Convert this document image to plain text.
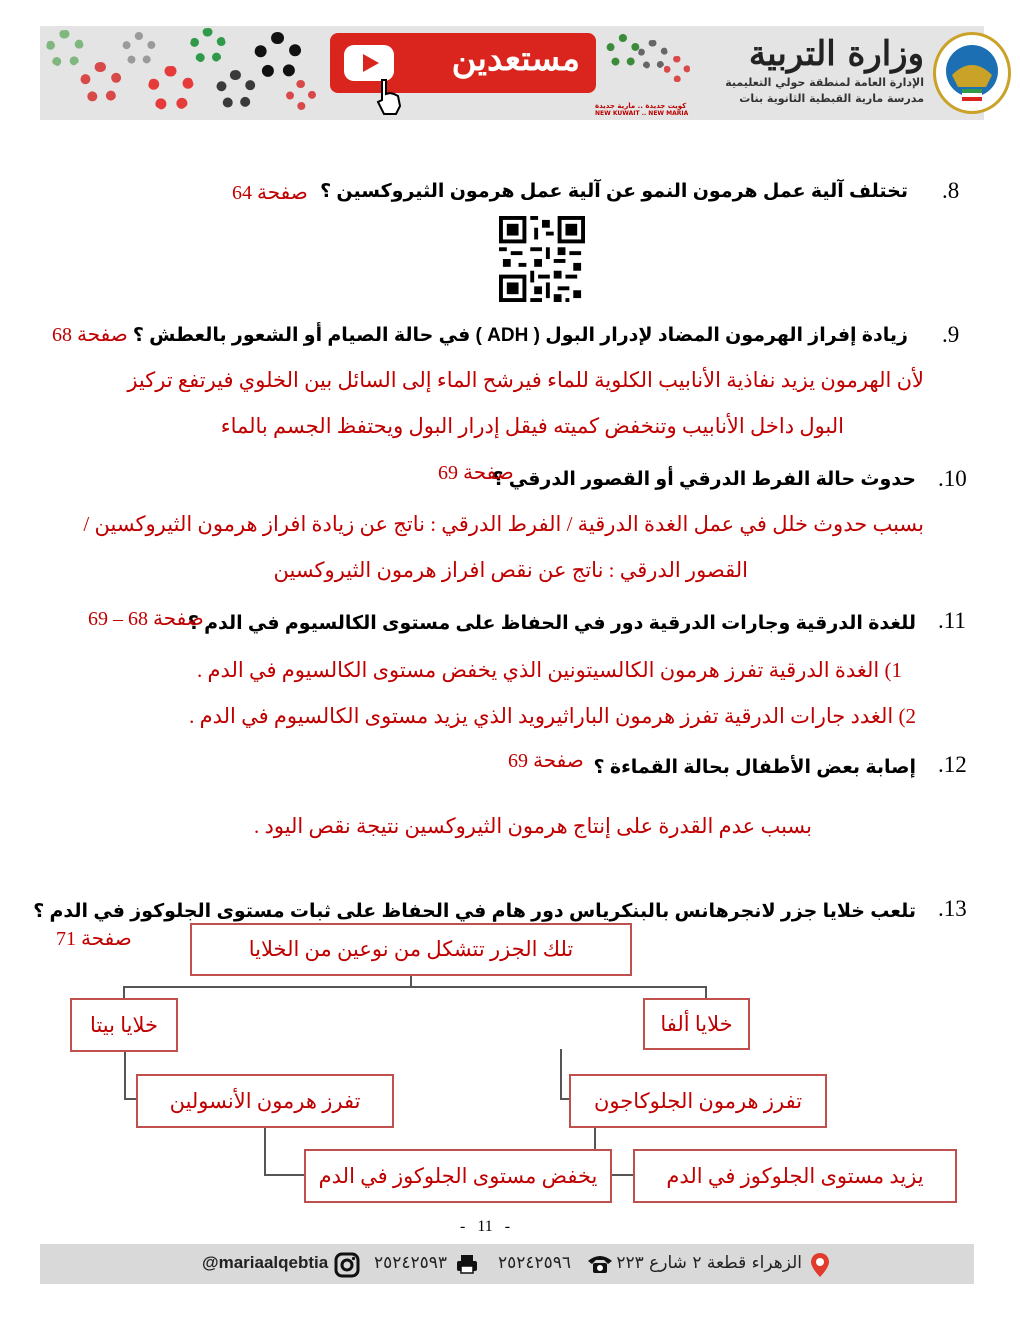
مستعدين
كويت جديدة .. مارية جديدة
NEW KUWAIT .. NEW MARIA
وزارة التربية
الإدارة العامة لمنطقة حولي التعليمية
مدرسة مارية القبطية الثانوية بنات
.8
تختلف آلية عمل هرمون النمو عن آلية عمل هرمون الثيروكسين ؟
صفحة 64
.9
زيادة إفراز الهرمون المضاد لإدرار البول ( ADH ) في حالة الصيام أو الشعور بالعطش ؟
صفحة 68
لأن الهرمون يزيد نفاذية الأنابيب الكلوية للماء فيرشح الماء إلى السائل بين الخلوي فيرتفع تركيز
البول داخل الأنابيب وتنخفض كميته فيقل إدرار البول ويحتفظ الجسم بالماء
.10
حدوث حالة الفرط الدرقي أو القصور الدرقي ؟
صفحة 69
بسبب حدوث خلل في عمل الغدة الدرقية / الفرط الدرقي : ناتج عن زيادة افراز هرمون الثيروكسين /
القصور الدرقي : ناتج عن نقص افراز هرمون الثيروكسين
.11
للغدة الدرقية وجارات الدرقية دور في الحفاظ على مستوى الكالسيوم في الدم ؟
صفحة 68 – 69
1) الغدة الدرقية تفرز هرمون الكالسيتونين الذي يخفض مستوى الكالسيوم في الدم .
2) الغدد جارات الدرقية تفرز هرمون الباراثيرويد الذي يزيد مستوى الكالسيوم في الدم .
.12
إصابة بعض الأطفال بحالة القماءة ؟
صفحة 69
بسبب عدم القدرة على إنتاج هرمون الثيروكسين نتيجة نقص اليود .
.13
تلعب خلايا جزر لانجرهانس بالبنكرياس دور هام في الحفاظ على ثبات مستوى الجلوكوز في الدم ؟
صفحة 71	تلك الجزر تتشكل من نوعين من الخلايا
خلايا بيتا	خلايا ألفا
تفرز هرمون الأنسولين	تفرز هرمون الجلوكاجون
يخفض مستوى الجلوكوز في الدم	يزيد مستوى الجلوكوز في الدم
-   11   -
الزهراء قطعة ٢ شارع ٢٢٣
٢٥٢٤٢٥٩٦
٢٥٢٤٢٥٩٣
@mariaalqebtia
